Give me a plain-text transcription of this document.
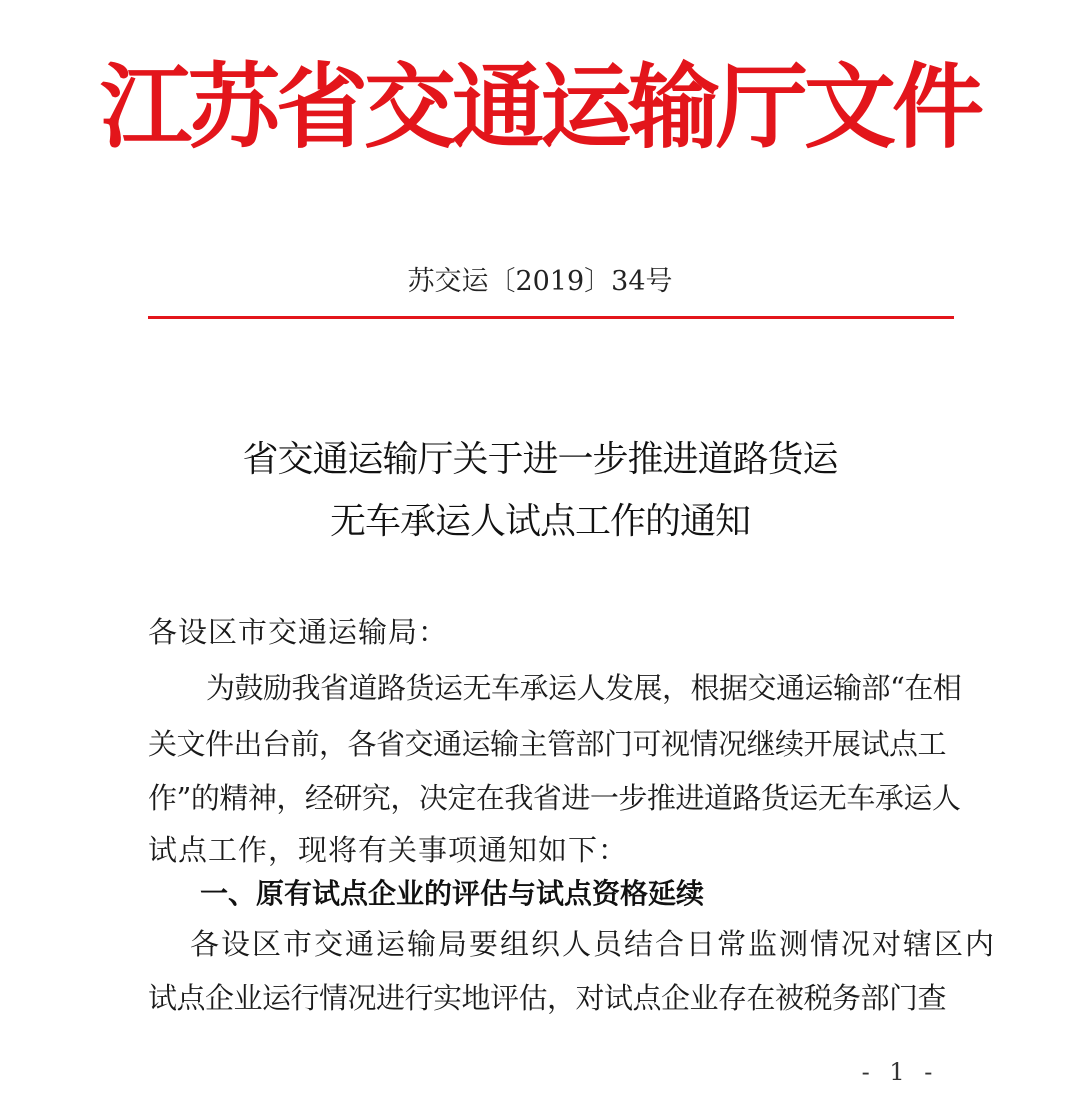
江苏省交通运输厅文件
苏交运〔2019〕34号
省交通运输厅关于进一步推进道路货运
无车承运人试点工作的通知
各设区市交通运输局：
为鼓励我省道路货运无车承运人发展，根据交通运输部“在相
关文件出台前，各省交通运输主管部门可视情况继续开展试点工
作”的精神，经研究，决定在我省进一步推进道路货运无车承运人
试点工作，现将有关事项通知如下：
一、原有试点企业的评估与试点资格延续
各设区市交通运输局要组织人员结合日常监测情况对辖区内
试点企业运行情况进行实地评估，对试点企业存在被税务部门查
- 1 -
